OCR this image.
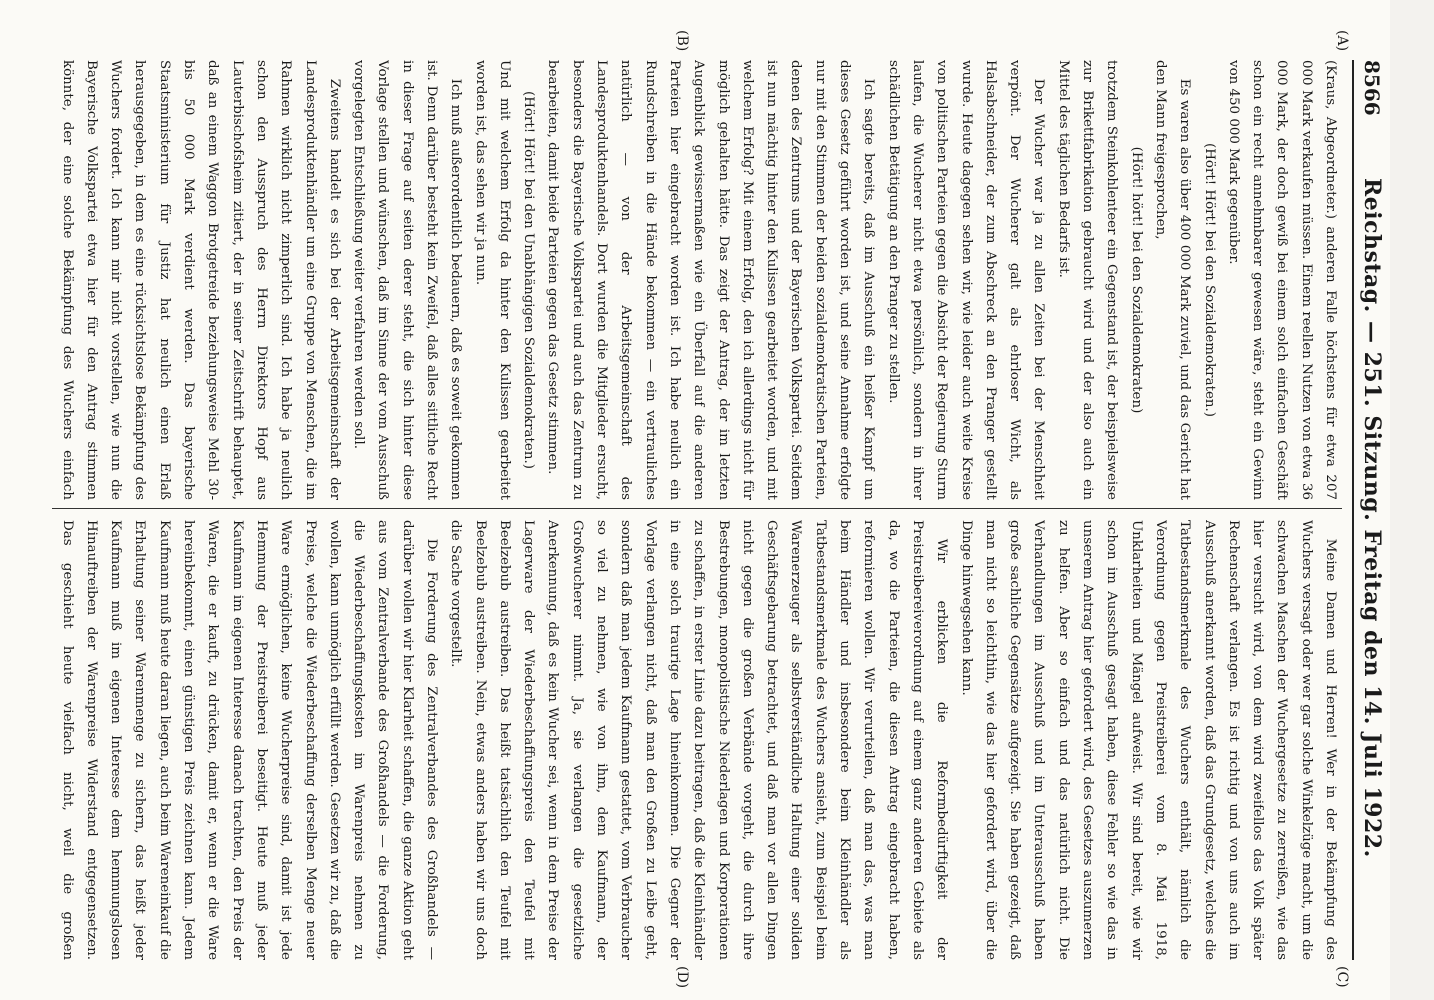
8566
Reichstag. — 251. Sitzung. Freitag den 14. Juli 1922.
(A)
(B)
(C)
(D)

(Kraus, Abgeordneter.) anderen Falle höchstens für etwa 207 000 Mark verkaufen müssen. Einem reellen Nutzen von etwa 36 000 Mark, der doch gewiß bei einem solch einfachen Geschäft schon ein recht annehmbarer gewesen wäre, steht ein Gewinn von 450 000 Mark gegenüber.

(Hört! Hört! bei den Sozialdemokraten.)

Es waren also über 400 000 Mark zuviel, und das Gericht hat den Mann freigesprochen,

(Hört! hört! bei den Sozialdemokraten)

trotzdem Steinkohlenteer ein Gegenstand ist, der beispielsweise zur Brikettfabrikation gebraucht wird und der also auch ein Mittel des täglichen Bedarfs ist.

Der Wucher war ja zu allen Zeiten bei der Menschheit verpönt. Der Wucherer galt als ehrloser Wicht, als Halsabschneider, der zum Abschreck an den Pranger gestellt wurde. Heute dagegen sehen wir, wie leider auch weite Kreise von politischen Parteien gegen die Absicht der Regierung Sturm laufen, die Wucherer nicht etwa persönlich, sondern in ihrer schädlichen Betätigung an den Pranger zu stellen.

Ich sagte bereits, daß im Ausschuß ein heißer Kampf um dieses Gesetz geführt worden ist, und seine Annahme erfolgte nur mit den Stimmen der beiden sozialdemokratischen Parteien, denen des Zentrums und der Bayerischen Volkspartei. Seitdem ist nun mächtig hinter den Kulissen gearbeitet worden, und mit welchem Erfolg? Mit einem Erfolg, den ich allerdings nicht für möglich gehalten hätte. Das zeigt der Antrag, der im letzten Augenblick gewissermaßen wie ein Überfall auf die anderen Parteien hier eingebracht worden ist. Ich habe neulich ein Rundschreiben in die Hände bekommen — ein vertrauliches natürlich — von der Arbeitsgemeinschaft des Landesproduktenhandels. Dort wurden die Mitglieder ersucht, besonders die Bayerische Volkspartei und auch das Zentrum zu bearbeiten, damit beide Parteien gegen das Gesetz stimmen.

(Hört! Hört! bei den Unabhängigen Sozialdemokraten.)

Und mit welchem Erfolg da hinter den Kulissen gearbeitet worden ist, das sehen wir ja nun.

Ich muß außerordentlich bedauern, daß es soweit gekommen ist. Denn darüber besteht kein Zweifel, daß alles sittliche Recht in dieser Frage auf seiten derer steht, die sich hinter diese Vorlage stellen und wünschen, daß im Sinne der vom Ausschuß vorgelegten Entschließung weiter verfahren werden soll.

Zweitens handelt es sich bei der Arbeitsgemeinschaft der Landesproduktenhändler um eine Gruppe von Menschen, die im Rahmen wirklich nicht zimperlich sind. Ich habe ja neulich schon den Ausspruch des Herrn Direktors Hopf aus Lauterbischofsheim zitiert, der in seiner Zeitschrift behauptet, daß an einem Waggon Brotgetreide beziehungsweise Mehl 30- bis 50 000 Mark verdient werden. Das bayerische Staatsministerium für Justiz hat neulich einen Erlaß herausgegeben, in dem es eine rücksichtslose Bekämpfung des Wuchers fordert. Ich kann mir nicht vorstellen, wie nun die Bayerische Volkspartei etwa hier für den Antrag stimmen könnte, der eine solche Bekämpfung des Wuchers einfach

Meine Damen und Herren! Wer in der Bekämpfung des Wuchers versagt oder wer gar solche Winkelzüge macht, um die schwachen Maschen der Wuchergesetze zu zerreißen, wie das hier versucht wird, von dem wird zweifellos das Volk später Rechenschaft verlangen. Es ist richtig und von uns auch im Ausschuß anerkannt worden, daß das Grundgesetz, welches die Tatbestandsmerkmale des Wuchers enthält, nämlich die Verordnung gegen Preistreiberei vom 8. Mai 1918, Unklarheiten und Mängel aufweist. Wir sind bereit, wie wir schon im Ausschuß gesagt haben, diese Fehler so wie das in unserem Antrag hier gefordert wird, des Gesetzes auszumerzen zu helfen. Aber so einfach und das natürlich nicht. Die Verhandlungen im Ausschuß und im Unterausschuß haben große sachliche Gegensätze aufgezeigt. Sie haben gezeigt, daß man nicht so leichthin, wie das hier gefordert wird, über die Dinge hinwegsehen kann.

Wir erblicken die Reformbedürftigkeit der Preistreibereiverordnung auf einem ganz anderen Gebiete als da, wo die Parteien, die diesen Antrag eingebracht haben, reformieren wollen. Wir verurteilen, daß man das, was man beim Händler und insbesondere beim Kleinhändler als Tatbestandsmerkmale des Wuchers ansieht, zum Beispiel beim Warenerzeuger als selbstverständliche Haltung einer soliden Geschäftsgebarung betrachtet, und daß man vor allen Dingen nicht gegen die großen Verbände vorgeht, die durch ihre Bestrebungen, monopolistische Niederlagen und Korporationen zu schaffen, in erster Linie dazu beitragen, daß die Kleinhändler in eine solch traurige Lage hineinkommen. Die Gegner der Vorlage verlangen nicht, daß man den Großen zu Leibe geht, sondern daß man jedem Kaufmann gestattet, vom Verbraucher so viel zu nehmen, wie von ihm, dem Kaufmann, der Großwucherer nimmt. Ja, sie verlangen die gesetzliche Anerkennung, daß es kein Wucher sei, wenn in dem Preise der Lagerware der Wiederbeschaffungspreis den Teufel mit Beelzebub austreiben. Das heißt tatsächlich den Teufel mit Beelzebub austreiben. Nein, etwas anders haben wir uns doch die Sache vorgestellt.

Die Forderung des Zentralverbandes des Großhandels — darüber wollen wir hier Klarheit schaffen, die ganze Aktion geht aus vom Zentralverbande des Großhandels — die Forderung, die Wiederbeschaffungskosten im Warenpreis nehmen zu wollen, kann unmöglich erfüllt werden. Gesetzen wir zu, daß die Preise, welche die Wiederbeschaffung derselben Menge neuer Ware ermöglichen, keine Wucherpreise sind, damit ist jede Hemmung der Preistreiberei beseitigt. Heute muß jeder Kaufmann im eigenen Interesse danach trachten, den Preis der Waren, die er kauft, zu drücken, damit er, wenn er die Ware hereinbekommt, einen günstigen Preis zeichnen kann. Jedem Kaufmann muß heute daran liegen, auch beim Wareneinkauf die Erhaltung seiner Warenmenge zu sichern, das heißt jeder Kaufmann muß im eigenen Interesse dem hemmungslosen Hinauftreiben der Warenpreise Widerstand entgegensetzen. Das geschieht heute vielfach nicht, weil die großen
